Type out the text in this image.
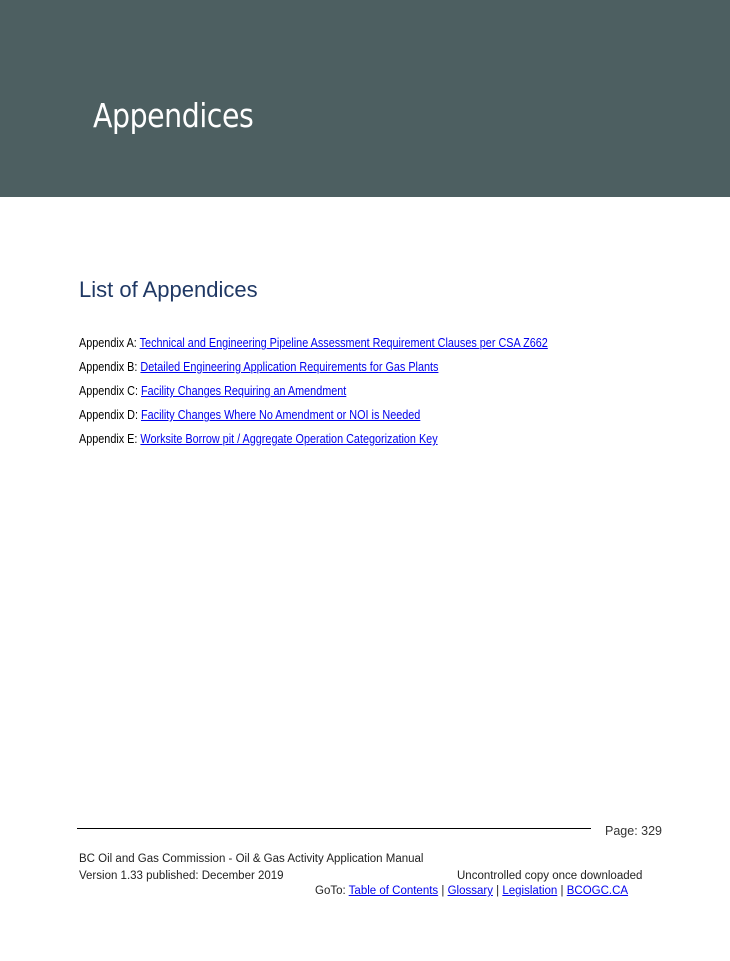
Appendices
List of Appendices
Appendix A: Technical and Engineering Pipeline Assessment Requirement Clauses per CSA Z662
Appendix B: Detailed Engineering Application Requirements for Gas Plants
Appendix C: Facility Changes Requiring an Amendment
Appendix D: Facility Changes Where No Amendment or NOI is Needed
Appendix E: Worksite Borrow pit / Aggregate Operation Categorization Key
Page: 329
BC Oil and Gas Commission - Oil & Gas Activity Application Manual
Version 1.33 published: December 2019	Uncontrolled copy once downloaded
GoTo: Table of Contents | Glossary | Legislation | BCOGC.CA
